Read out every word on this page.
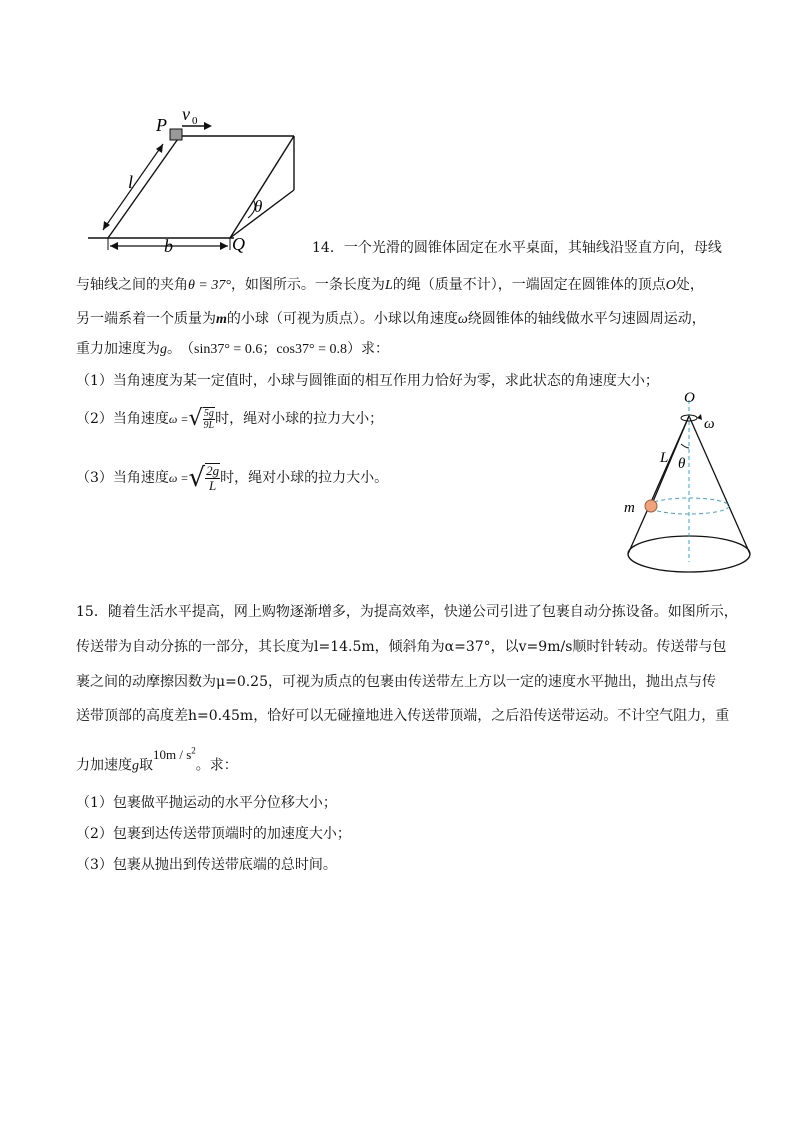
P
v 0
l
b	Q
θ
14．一个光滑的圆锥体固定在水平桌面，其轴线沿竖直方向，母线
与轴线之间的夹角θ = 37°，如图所示。一条长度为L的绳（质量不计），一端固定在圆锥体的顶点O处，
另一端系着一个质量为m的小球（可视为质点）。小球以角速度ω绕圆锥体的轴线做水平匀速圆周运动，
重力加速度为g。 （sin37° = 0.6；cos37° = 0.8）求：
（1）当角速度为某一定值时，小球与圆锥面的相互作用力恰好为零，求此状态的角速度大小；
（2）当角速度ω =√ $\frac{5g}{9L}$ 时，绳对小球的拉力大小；
（3）当角速度ω =√ $\frac{2g}{L}$ 时，绳对小球的拉力大小。
O
ω
L θ
m
15．随着生活水平提高，网上购物逐渐增多，为提高效率，快递公司引进了包裹自动分拣设备。如图所示，
传送带为自动分拣的一部分，其长度为l=14.5m，倾斜角为α=37°，以v=9m/s顺时针转动。传送带与包
裹之间的动摩擦因数为μ=0.25，可视为质点的包裹由传送带左上方以一定的速度水平抛出，抛出点与传
送带顶部的高度差h=0.45m，恰好可以无碰撞地进入传送带顶端，之后沿传送带运动。不计空气阻力，重
力加速度g取$10m / s^2$。求：
（1）包裹做平抛运动的水平分位移大小；
（2）包裹到达传送带顶端时的加速度大小；
（3）包裹从抛出到传送带底端的总时间。
